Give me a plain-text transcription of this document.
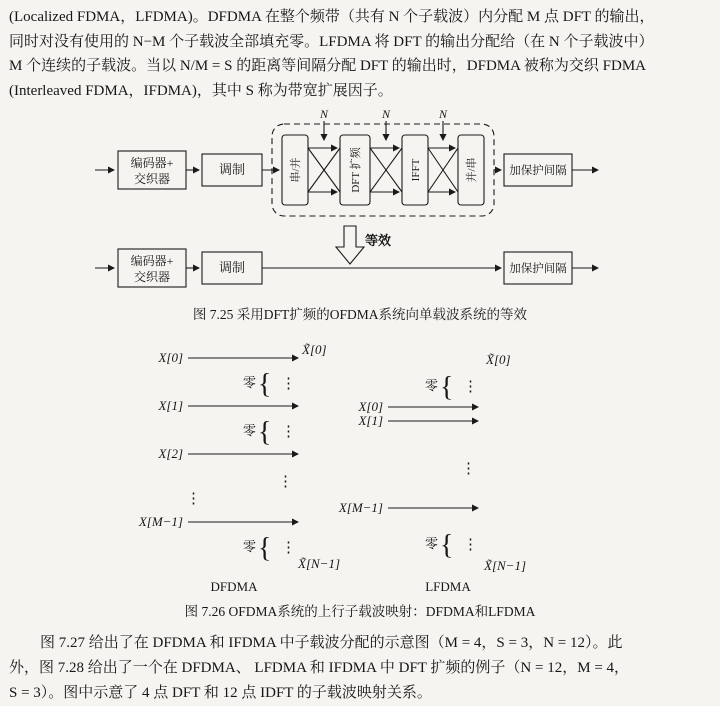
(Localized FDMA，LFDMA)。DFDMA 在整个频带（共有 N 个子载波）内分配 M 点 DFT 的输出，
同时对没有使用的 N−M 个子载波全部填充零。LFDMA 将 DFT 的输出分配给（在 N 个子载波中）
M 个连续的子载波。当以 N/M = S 的距离等间隔分配 DFT 的输出时，DFDMA 被称为交织 FDMA
(Interleaved FDMA，IFDMA)，其中 S 称为带宽扩展因子。
编码器+
交织器
调制	串/并	DFT 扩频	IFFT	并/串	加保护间隔
N	N	N
等效
编码器+
交织器
调制	加保护间隔
图 7.25 采用DFT扩频的OFDMA系统向单载波系统的等效
X[0]
X[1]
X[2]
X[M−1]
X̃[0]
X̃[N−1]
零 { ⋮
零 { ⋮
⋮
⋮
零 { ⋮
DFDMA
X̃[0]
零 { ⋮
X[0]
X[1]
⋮
X[M−1]
零 { ⋮
X̃[N−1]
LFDMA
图 7.26 OFDMA系统的上行子载波映射：DFDMA和LFDMA
图 7.27 给出了在 DFDMA 和 IFDMA 中子载波分配的示意图（M = 4，S = 3，N = 12）。此
外，图 7.28 给出了一个在 DFDMA、 LFDMA 和 IFDMA 中 DFT 扩频的例子（N = 12，M = 4，
S = 3）。图中示意了 4 点 DFT 和 12 点 IDFT 的子载波映射关系。
